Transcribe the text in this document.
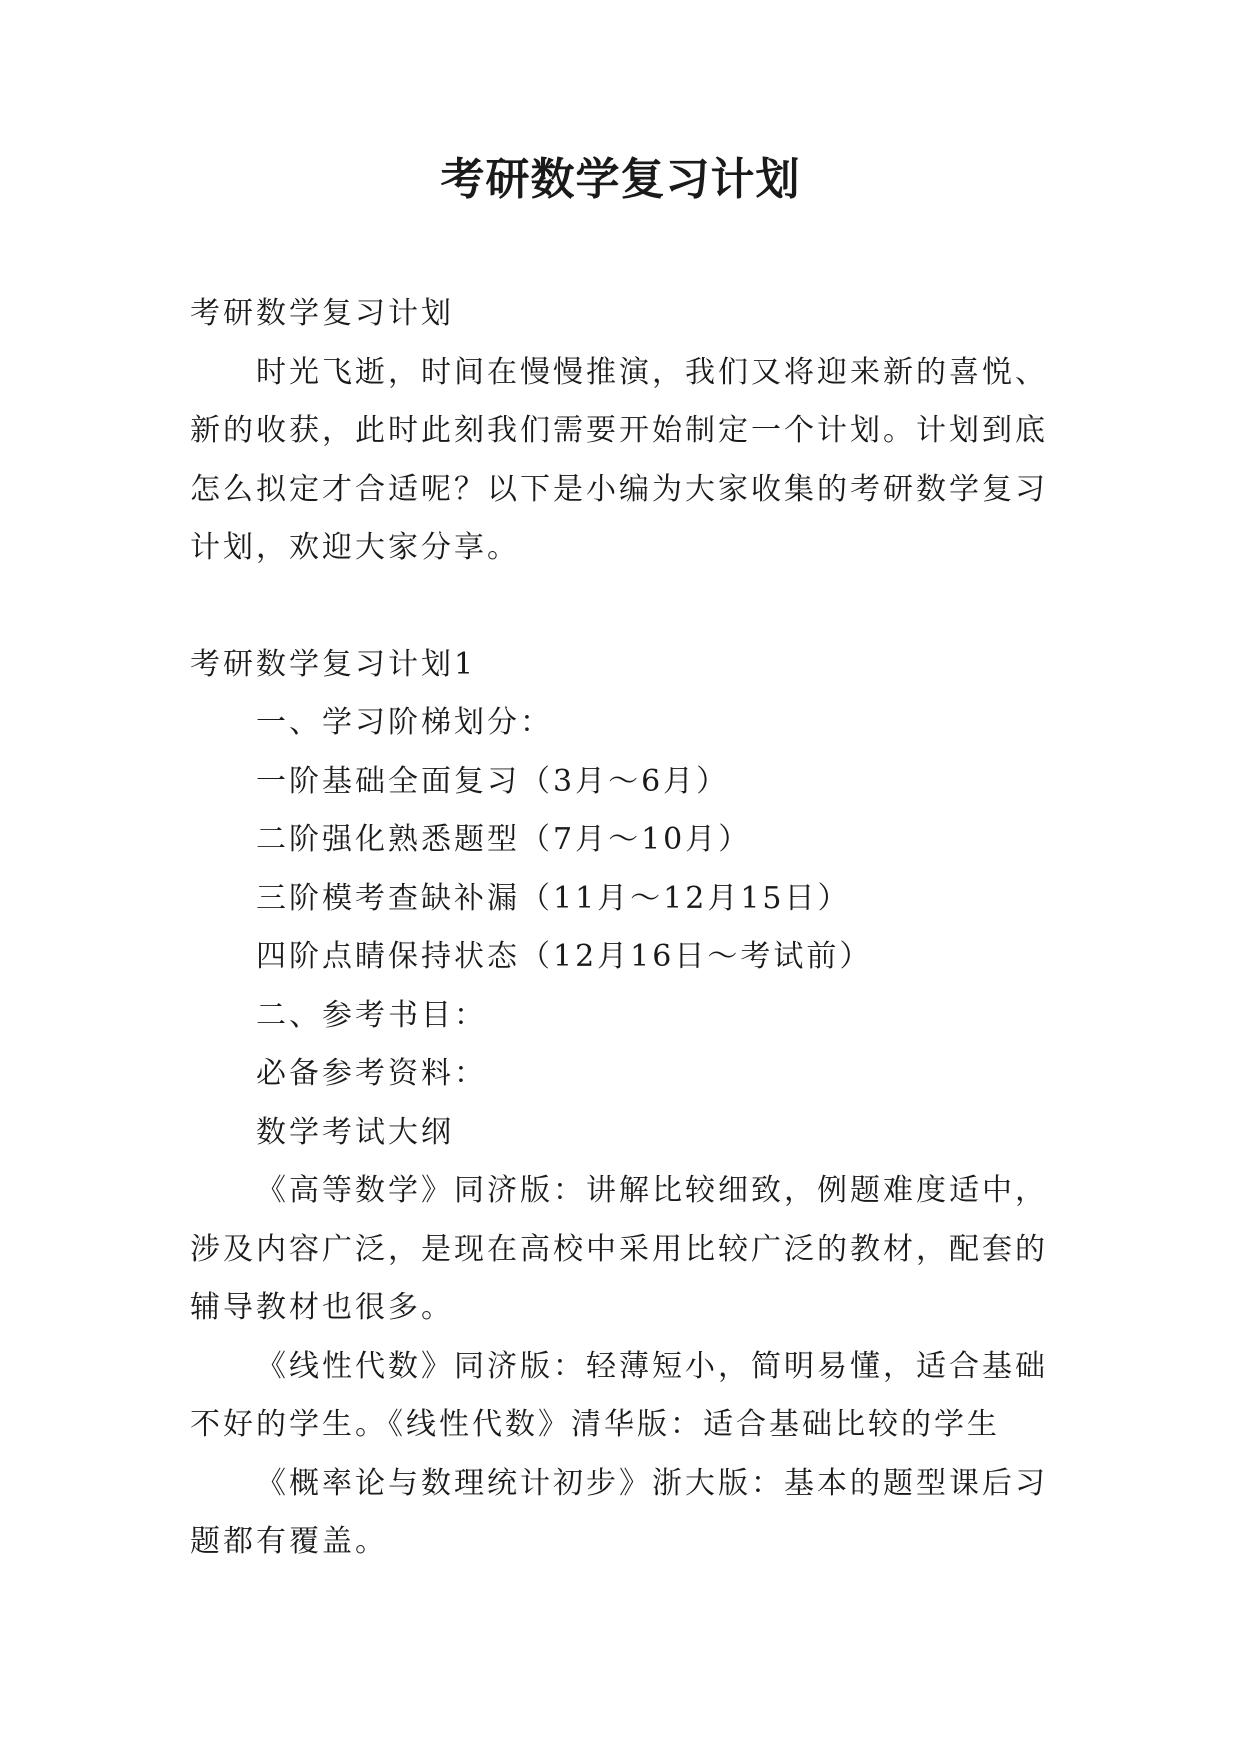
考研数学复习计划

考研数学复习计划

时光飞逝，时间在慢慢推演，我们又将迎来新的喜悦、新的收获，此时此刻我们需要开始制定一个计划。计划到底怎么拟定才合适呢？以下是小编为大家收集的考研数学复习计划，欢迎大家分享。

考研数学复习计划1

一、学习阶梯划分：

一阶基础全面复习（3月～6月）

二阶强化熟悉题型（7月～10月）

三阶模考查缺补漏（11月～12月15日）

四阶点睛保持状态（12月16日～考试前）

二、参考书目：

必备参考资料：

数学考试大纲

《高等数学》同济版：讲解比较细致，例题难度适中，涉及内容广泛，是现在高校中采用比较广泛的教材，配套的辅导教材也很多。

《线性代数》同济版：轻薄短小，简明易懂，适合基础不好的学生。《线性代数》清华版：适合基础比较的学生

《概率论与数理统计初步》浙大版：基本的题型课后习题都有覆盖。
